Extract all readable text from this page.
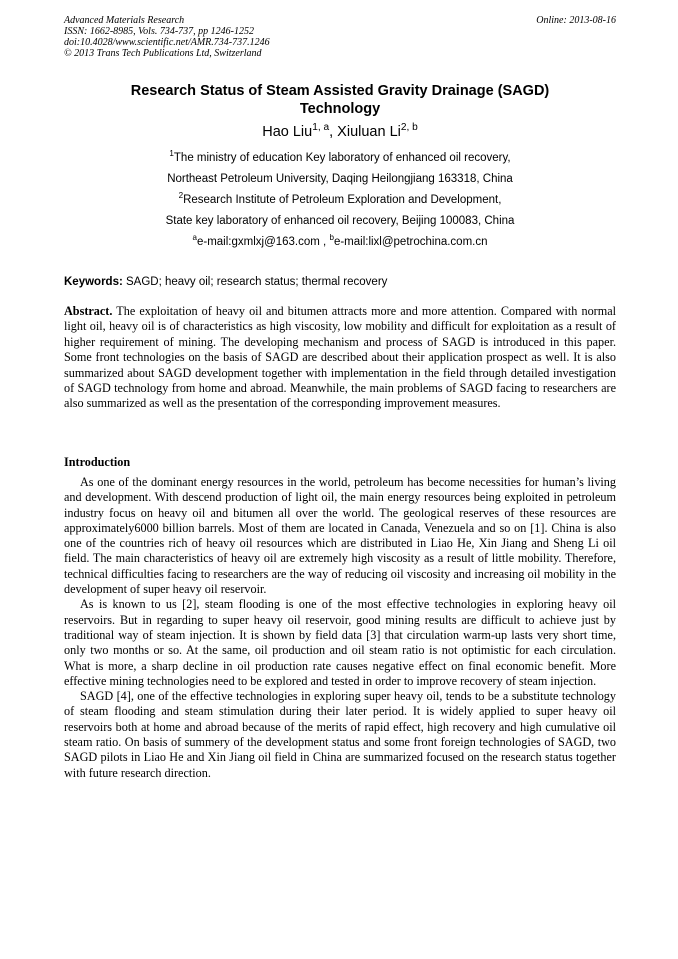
Advanced Materials Research
ISSN: 1662-8985, Vols. 734-737, pp 1246-1252
doi:10.4028/www.scientific.net/AMR.734-737.1246
© 2013 Trans Tech Publications Ltd, Switzerland
Online: 2013-08-16
Research Status of Steam Assisted Gravity Drainage (SAGD)
Technology
Hao Liu$^{1, a}$, Xiuluan Li$^{2, b}$
$^1$The ministry of education Key laboratory of enhanced oil recovery,
Northeast Petroleum University, Daqing Heilongjiang 163318, China
$^2$Research Institute of Petroleum Exploration and Development,
State key laboratory of enhanced oil recovery, Beijing 100083, China
$^a$e-mail:gxmlxj@163.com , $^b$e-mail:lixl@petrochina.com.cn
Keywords: SAGD; heavy oil; research status; thermal recovery
Abstract. The exploitation of heavy oil and bitumen attracts more and more attention. Compared with normal light oil, heavy oil is of characteristics as high viscosity, low mobility and difficult for exploitation as a result of higher requirement of mining. The developing mechanism and process of SAGD is introduced in this paper. Some front technologies on the basis of SAGD are described about their application prospect as well. It is also summarized about SAGD development together with implementation in the field through detailed investigation of SAGD technology from home and abroad. Meanwhile, the main problems of SAGD facing to researchers are also summarized as well as the presentation of the corresponding improvement measures.
Introduction

As one of the dominant energy resources in the world, petroleum has become necessities for human’s living and development. With descend production of light oil, the main energy resources being exploited in petroleum industry focus on heavy oil and bitumen all over the world. The geological reserves of these resources are approximately6000 billion barrels. Most of them are located in Canada, Venezuela and so on [1]. China is also one of the countries rich of heavy oil resources which are distributed in Liao He, Xin Jiang and Sheng Li oil field. The main characteristics of heavy oil are extremely high viscosity as a result of little mobility. Therefore, technical difficulties facing to researchers are the way of reducing oil viscosity and increasing oil mobility in the development of super heavy oil reservoir.

As is known to us [2], steam flooding is one of the most effective technologies in exploring heavy oil reservoirs. But in regarding to super heavy oil reservoir, good mining results are difficult to achieve just by traditional way of steam injection. It is shown by field data [3] that circulation warm-up lasts very short time, only two months or so. At the same, oil production and oil steam ratio is not optimistic for each circulation. What is more, a sharp decline in oil production rate causes negative effect on final economic benefit. More effective mining technologies need to be explored and tested in order to improve recovery of steam injection.

SAGD [4], one of the effective technologies in exploring super heavy oil, tends to be a substitute technology of steam flooding and steam stimulation during their later period. It is widely applied to super heavy oil reservoirs both at home and abroad because of the merits of rapid effect, high recovery and high cumulative oil steam ratio. On basis of summery of the development status and some front foreign technologies of SAGD, two SAGD pilots in Liao He and Xin Jiang oil field in China are summarized focused on the research status together with future research direction.
